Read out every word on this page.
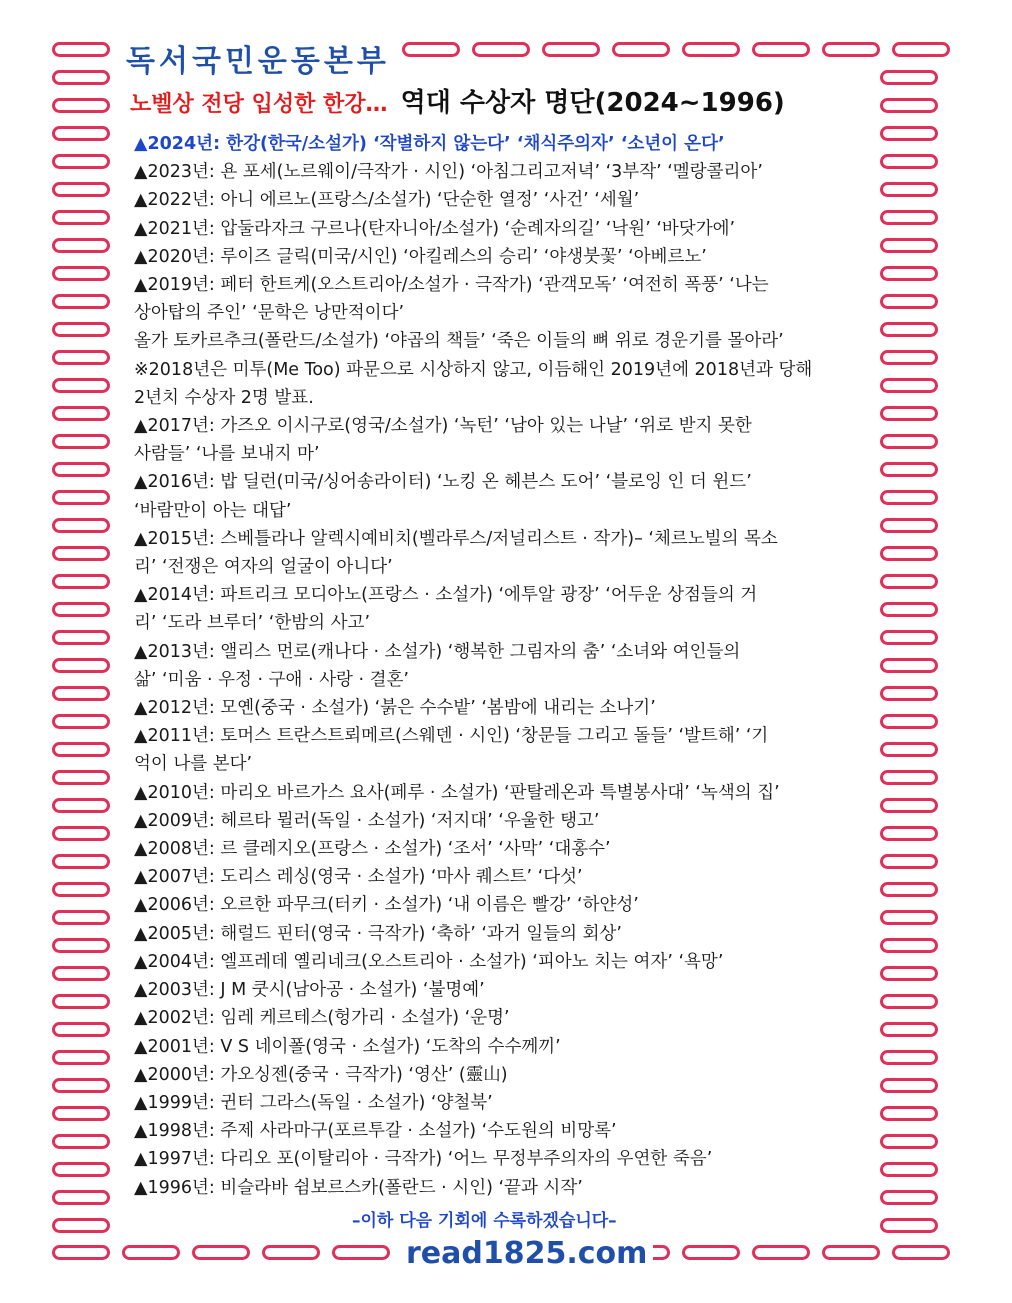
독서국민운동본부
노벨상 전당 입성한 한강… 역대 수상자 명단(2024~1996)
▲2024년: 한강(한국/소설가) ‘작별하지 않는다’ ‘채식주의자’ ‘소년이 온다’
▲2023년: 욘 포세(노르웨이/극작가 · 시인) ‘아침그리고저녁’ ‘3부작’ ‘멜랑콜리아’
▲2022년: 아니 에르노(프랑스/소설가) ‘단순한 열정’ ‘사건’ ‘세월’
▲2021년: 압둘라자크 구르나(탄자니아/소설가) ‘순례자의길’ ‘낙원’ ‘바닷가에’
▲2020년: 루이즈 글릭(미국/시인) ‘아킬레스의 승리’ ‘야생붓꽃’ ‘아베르노’
▲2019년: 페터 한트케(오스트리아/소설가 · 극작가) ‘관객모독’ ‘여전히 폭풍’ ‘나는
상아탑의 주인’ ‘문학은 낭만적이다’
올가 토카르추크(폴란드/소설가) ‘야곱의 책들’ ‘죽은 이들의 뼈 위로 경운기를 몰아라’
※2018년은 미투(Me Too) 파문으로 시상하지 않고, 이듬해인 2019년에 2018년과 당해
2년치 수상자 2명 발표.
▲2017년: 가즈오 이시구로(영국/소설가) ‘녹턴’ ‘남아 있는 나날’ ‘위로 받지 못한
사람들’ ‘나를 보내지 마’
▲2016년: 밥 딜런(미국/싱어송라이터) ‘노킹 온 헤븐스 도어’ ‘블로잉 인 더 윈드’
‘바람만이 아는 대답’
▲2015년: 스베틀라나 알렉시예비치(벨라루스/저널리스트 · 작가)– ‘체르노빌의 목소
리’ ‘전쟁은 여자의 얼굴이 아니다’
▲2014년: 파트리크 모디아노(프랑스 · 소설가) ‘에투알 광장’ ‘어두운 상점들의 거
리’ ‘도라 브루더’ ‘한밤의 사고’
▲2013년: 앨리스 먼로(캐나다 · 소설가) ‘행복한 그림자의 춤’ ‘소녀와 여인들의
삶’ ‘미움 · 우정 · 구애 · 사랑 · 결혼’
▲2012년: 모옌(중국 · 소설가) ‘붉은 수수밭’ ‘봄밤에 내리는 소나기’
▲2011년: 토머스 트란스트뢰메르(스웨덴 · 시인) ‘창문들 그리고 돌들’ ‘발트해’ ‘기
억이 나를 본다’
▲2010년: 마리오 바르가스 요사(페루 · 소설가) ‘판탈레온과 특별봉사대’ ‘녹색의 집’
▲2009년: 헤르타 뮐러(독일 · 소설가) ‘저지대’ ‘우울한 탱고’
▲2008년: 르 클레지오(프랑스 · 소설가) ‘조서’ ‘사막’ ‘대홍수’
▲2007년: 도리스 레싱(영국 · 소설가) ‘마사 퀘스트’ ‘다섯’
▲2006년: 오르한 파무크(터키 · 소설가) ‘내 이름은 빨강’ ‘하얀성’
▲2005년: 해럴드 핀터(영국 · 극작가) ‘축하’ ‘과거 일들의 회상’
▲2004년: 엘프레데 옐리네크(오스트리아 · 소설가) ‘피아노 치는 여자’ ‘욕망’
▲2003년: J M 쿳시(남아공 · 소설가) ‘불명예’
▲2002년: 임레 케르테스(헝가리 · 소설가) ‘운명’
▲2001년: V S 네이폴(영국 · 소설가) ‘도착의 수수께끼’
▲2000년: 가오싱젠(중국 · 극작가) ‘영산’ (靈山)
▲1999년: 귄터 그라스(독일 · 소설가) ‘양철북’
▲1998년: 주제 사라마구(포르투갈 · 소설가) ‘수도원의 비망록’
▲1997년: 다리오 포(이탈리아 · 극작가) ‘어느 무정부주의자의 우연한 죽음’
▲1996년: 비슬라바 쉼보르스카(폴란드 · 시인) ‘끝과 시작’
–이하 다음 기회에 수록하겠습니다–
read1825.com
